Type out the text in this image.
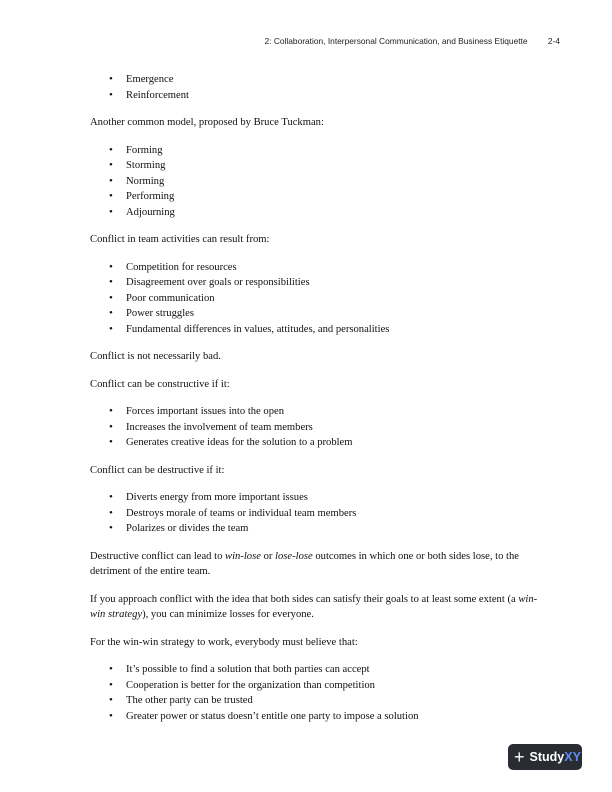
2: Collaboration, Interpersonal Communication, and Business Etiquette 2-4
• Emergence
• Reinforcement

Another common model, proposed by Bruce Tuckman:

• Forming
• Storming
• Norming
• Performing
• Adjourning

Conflict in team activities can result from:

• Competition for resources
• Disagreement over goals or responsibilities
• Poor communication
• Power struggles
• Fundamental differences in values, attitudes, and personalities

Conflict is not necessarily bad.

Conflict can be constructive if it:

• Forces important issues into the open
• Increases the involvement of team members
• Generates creative ideas for the solution to a problem

Conflict can be destructive if it:

• Diverts energy from more important issues
• Destroys morale of teams or individual team members
• Polarizes or divides the team

Destructive conflict can lead to win-lose or lose-lose outcomes in which one or both sides lose, to the detriment of the entire team.

If you approach conflict with the idea that both sides can satisfy their goals to at least some extent (a win-win strategy), you can minimize losses for everyone.

For the win-win strategy to work, everybody must believe that:

• It’s possible to find a solution that both parties can accept
• Cooperation is better for the organization than competition
• The other party can be trusted
• Greater power or status doesn’t entitle one party to impose a solution
+ Study XY
